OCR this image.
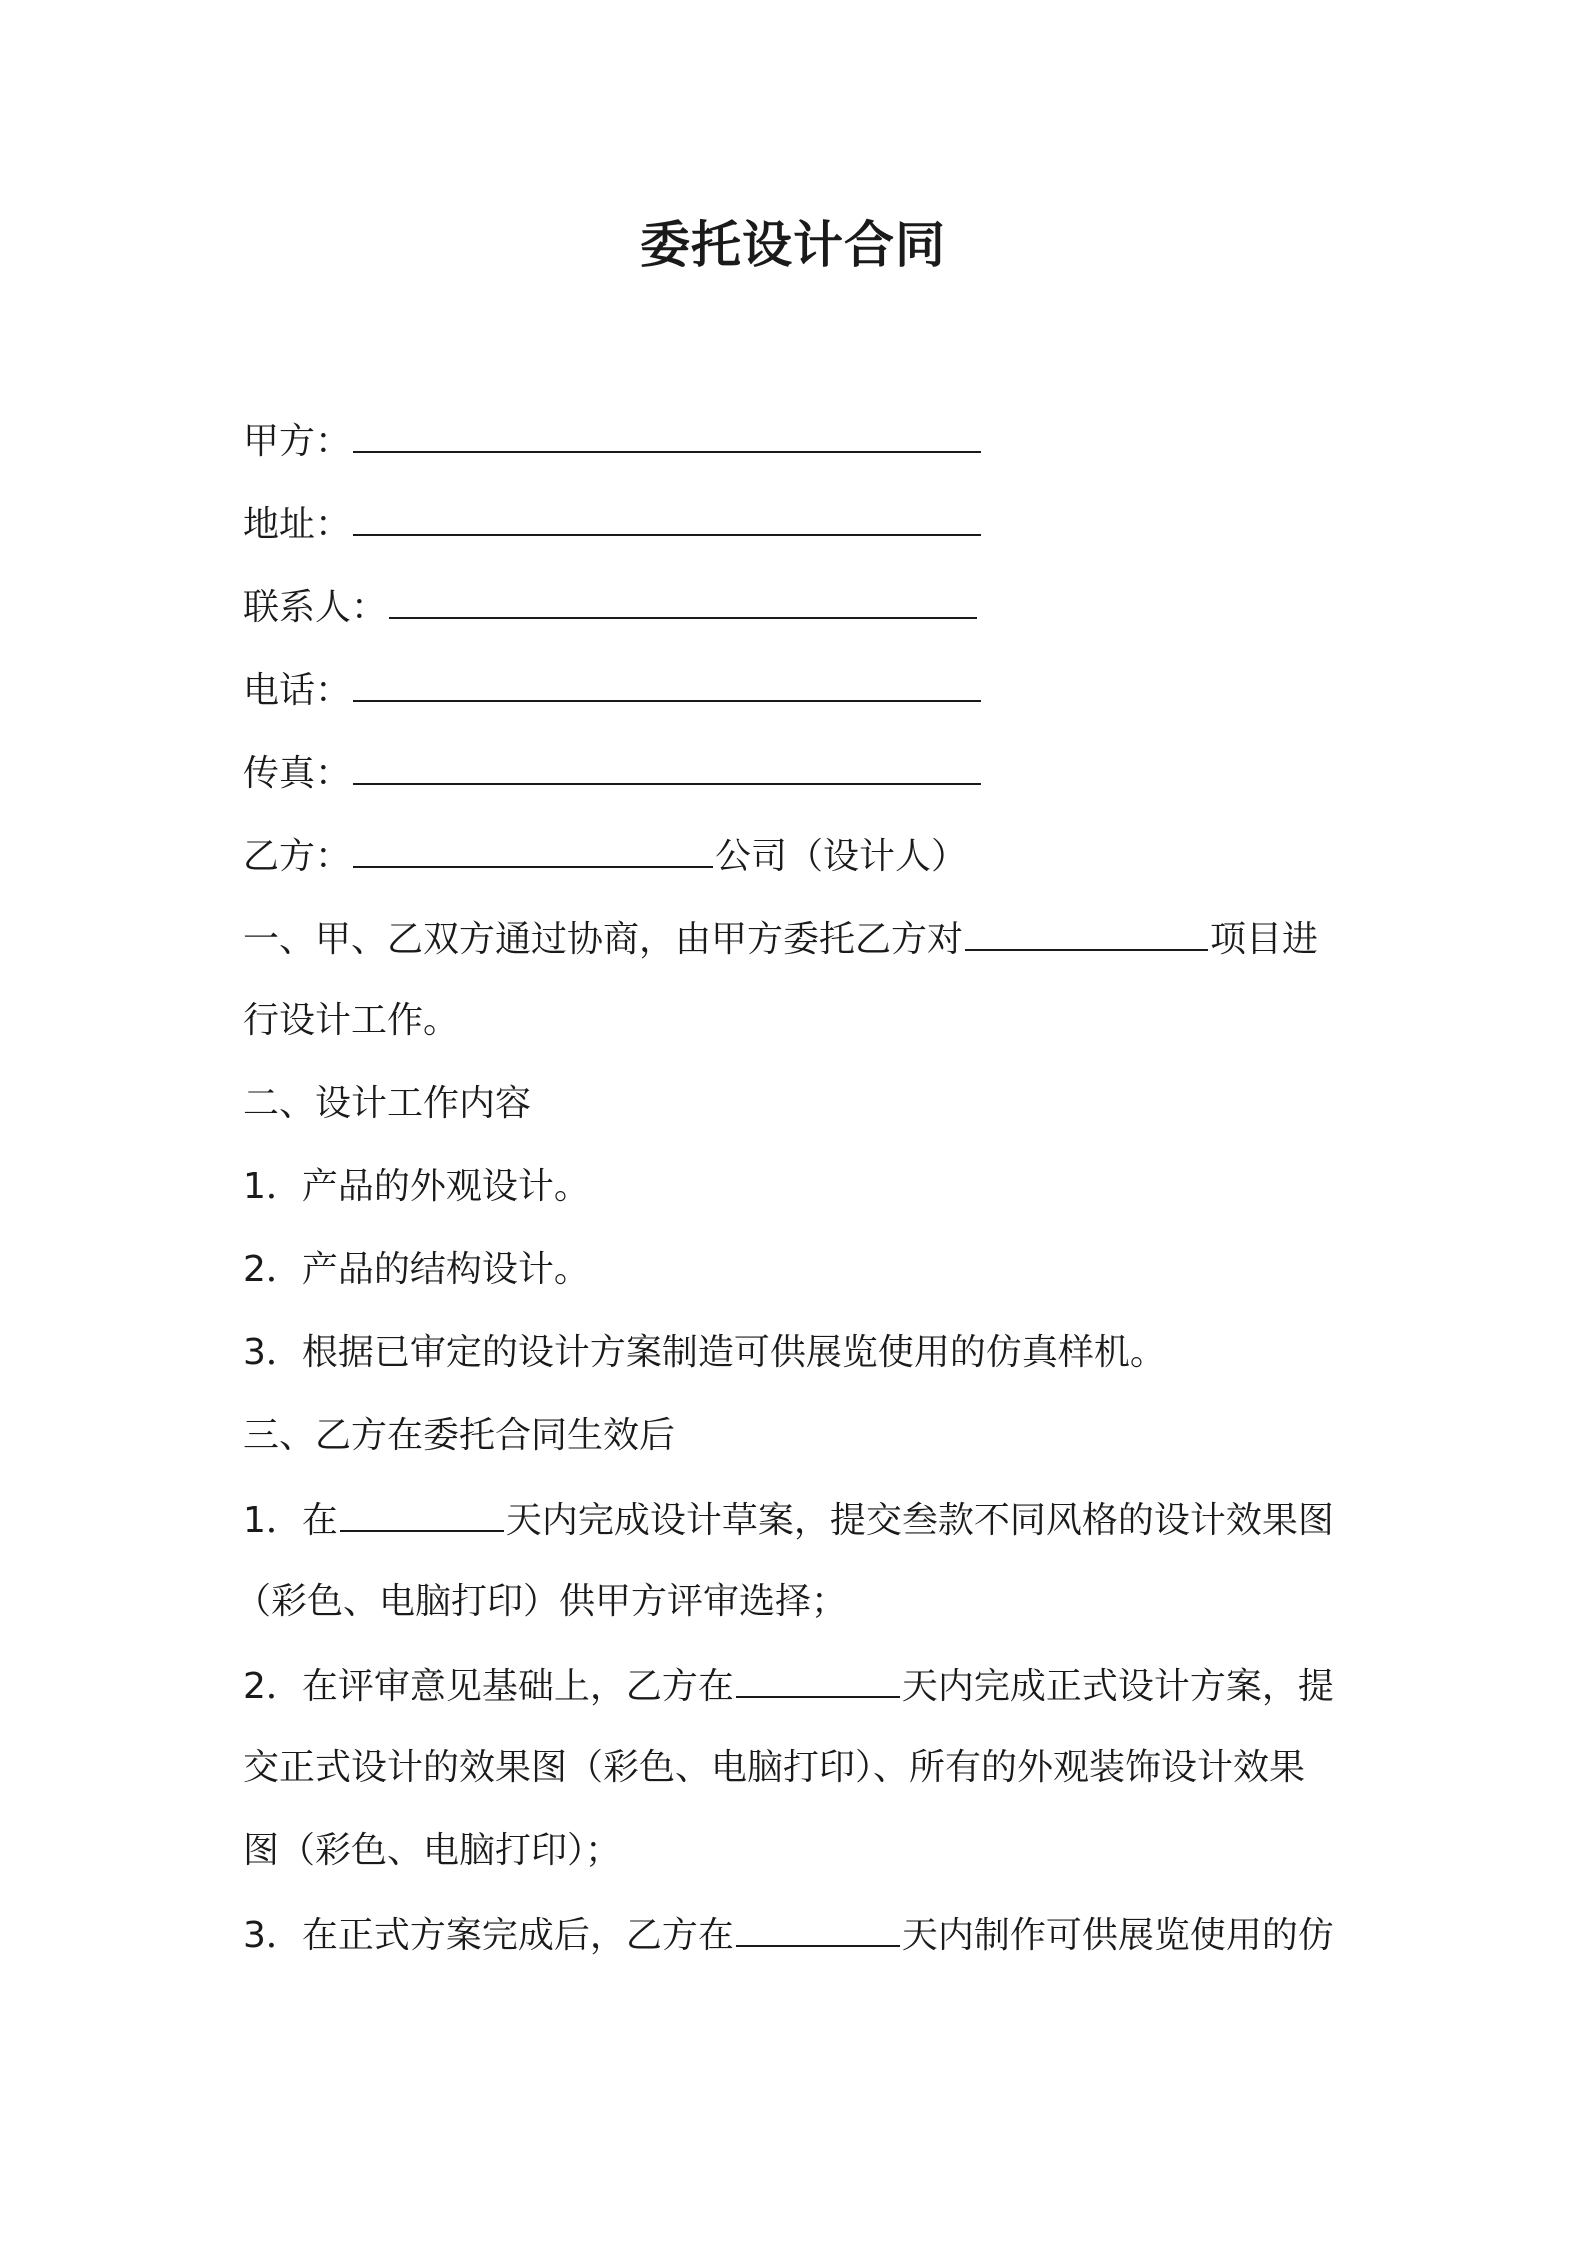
委托设计合同
甲方：
地址：
联系人：
电话：
传真：
乙方：	公司（设计人）
一、甲、乙双方通过协商，由甲方委托乙方对	项目进
行设计工作。
二、设计工作内容
1．产品的外观设计。
2．产品的结构设计。
3．根据已审定的设计方案制造可供展览使用的仿真样机。
三、乙方在委托合同生效后
1．在	天内完成设计草案，提交叁款不同风格的设计效果图
（彩色、电脑打印）供甲方评审选择；
2．在评审意见基础上，乙方在	天内完成正式设计方案，提
交正式设计的效果图（彩色、电脑打印）、所有的外观装饰设计效果
图（彩色、电脑打印）；
3．在正式方案完成后，乙方在	天内制作可供展览使用的仿
